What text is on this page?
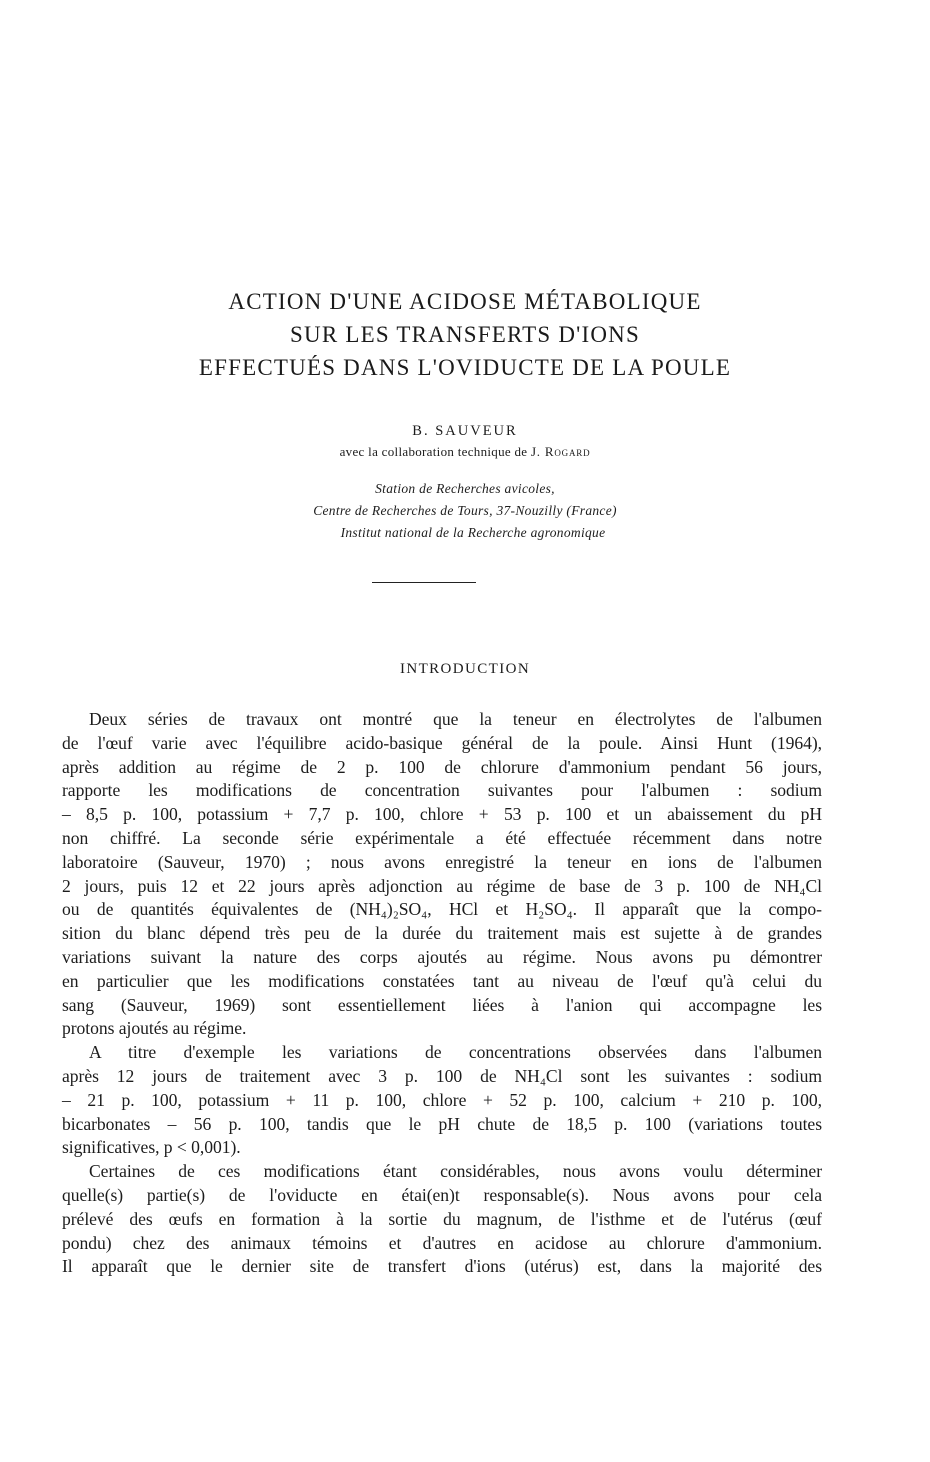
ACTION D'UNE ACIDOSE MÉTABOLIQUE
SUR LES TRANSFERTS D'IONS
EFFECTUÉS DANS L'OVIDUCTE DE LA POULE
B. SAUVEUR
avec la collaboration technique de J. Rogard
Station de Recherches avicoles,
Centre de Recherches de Tours, 37-Nouzilly (France)
Institut national de la Recherche agronomique
INTRODUCTION

Deux séries de travaux ont montré que la teneur en électrolytes de l'albumen
de l'œuf varie avec l'équilibre acido-basique général de la poule. Ainsi Hunt (1964),
après addition au régime de 2 p. 100 de chlorure d'ammonium pendant 56 jours,
rapporte les modifications de concentration suivantes pour l'albumen : sodium
– 8,5 p. 100, potassium + 7,7 p. 100, chlore + 53 p. 100 et un abaissement du pH
non chiffré. La seconde série expérimentale a été effectuée récemment dans notre
laboratoire (Sauveur, 1970) ; nous avons enregistré la teneur en ions de l'albumen
2 jours, puis 12 et 22 jours après adjonction au régime de base de 3 p. 100 de NH₄Cl
ou de quantités équivalentes de (NH₄)₂SO₄, HCl et H₂SO₄. Il apparaît que la compo-
sition du blanc dépend très peu de la durée du traitement mais est sujette à de grandes
variations suivant la nature des corps ajoutés au régime. Nous avons pu démontrer
en particulier que les modifications constatées tant au niveau de l'œuf qu'à celui du
sang (Sauveur, 1969) sont essentiellement liées à l'anion qui accompagne les
protons ajoutés au régime.

A titre d'exemple les variations de concentrations observées dans l'albumen
après 12 jours de traitement avec 3 p. 100 de NH₄Cl sont les suivantes : sodium
– 21 p. 100, potassium + 11 p. 100, chlore + 52 p. 100, calcium + 210 p. 100,
bicarbonates – 56 p. 100, tandis que le pH chute de 18,5 p. 100 (variations toutes
significatives, p < 0,001).

Certaines de ces modifications étant considérables, nous avons voulu déterminer
quelle(s) partie(s) de l'oviducte en étai(en)t responsable(s). Nous avons pour cela
prélevé des œufs en formation à la sortie du magnum, de l'isthme et de l'utérus (œuf
pondu) chez des animaux témoins et d'autres en acidose au chlorure d'ammonium.
Il apparaît que le dernier site de transfert d'ions (utérus) est, dans la majorité des
